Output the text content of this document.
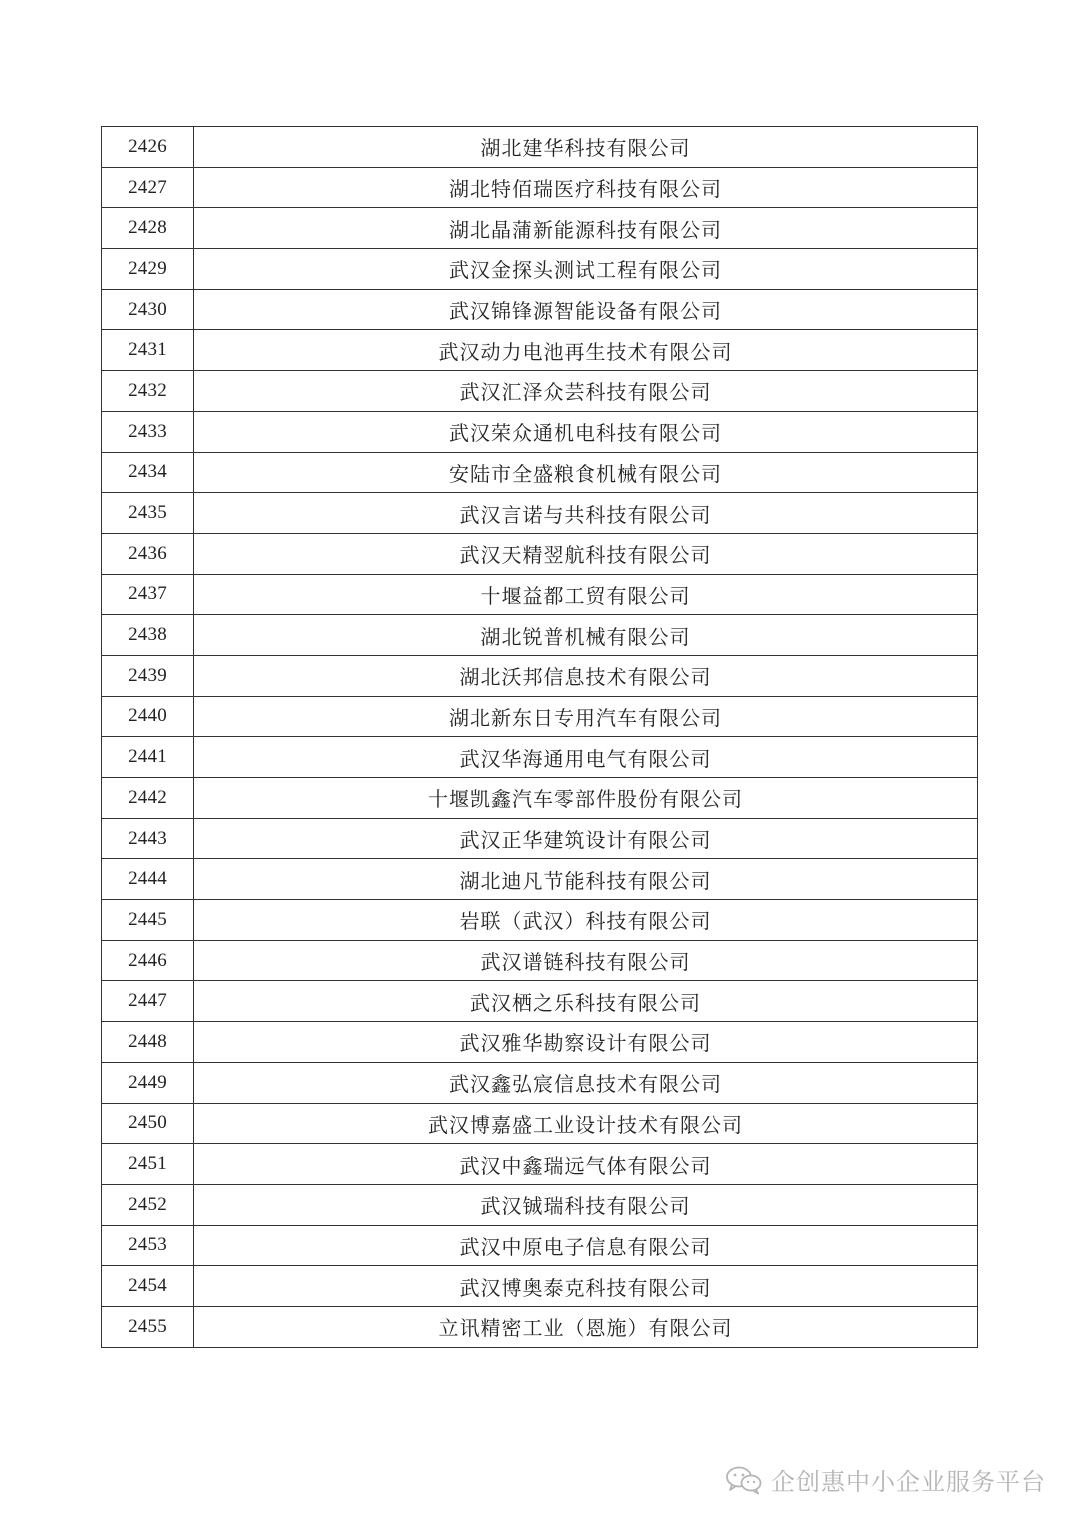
2426	湖北建华科技有限公司
2427	湖北特佰瑞医疗科技有限公司
2428	湖北晶蒲新能源科技有限公司
2429	武汉金探头测试工程有限公司
2430	武汉锦锋源智能设备有限公司
2431	武汉动力电池再生技术有限公司
2432	武汉汇泽众芸科技有限公司
2433	武汉荣众通机电科技有限公司
2434	安陆市全盛粮食机械有限公司
2435	武汉言诺与共科技有限公司
2436	武汉天精翌航科技有限公司
2437	十堰益都工贸有限公司
2438	湖北锐普机械有限公司
2439	湖北沃邦信息技术有限公司
2440	湖北新东日专用汽车有限公司
2441	武汉华海通用电气有限公司
2442	十堰凯鑫汽车零部件股份有限公司
2443	武汉正华建筑设计有限公司
2444	湖北迪凡节能科技有限公司
2445	岩联（武汉）科技有限公司
2446	武汉谱链科技有限公司
2447	武汉栖之乐科技有限公司
2448	武汉雅华勘察设计有限公司
2449	武汉鑫弘宸信息技术有限公司
2450	武汉博嘉盛工业设计技术有限公司
2451	武汉中鑫瑞远气体有限公司
2452	武汉铖瑞科技有限公司
2453	武汉中原电子信息有限公司
2454	武汉博奥泰克科技有限公司
2455	立讯精密工业（恩施）有限公司
企创惠中小企业服务平台
